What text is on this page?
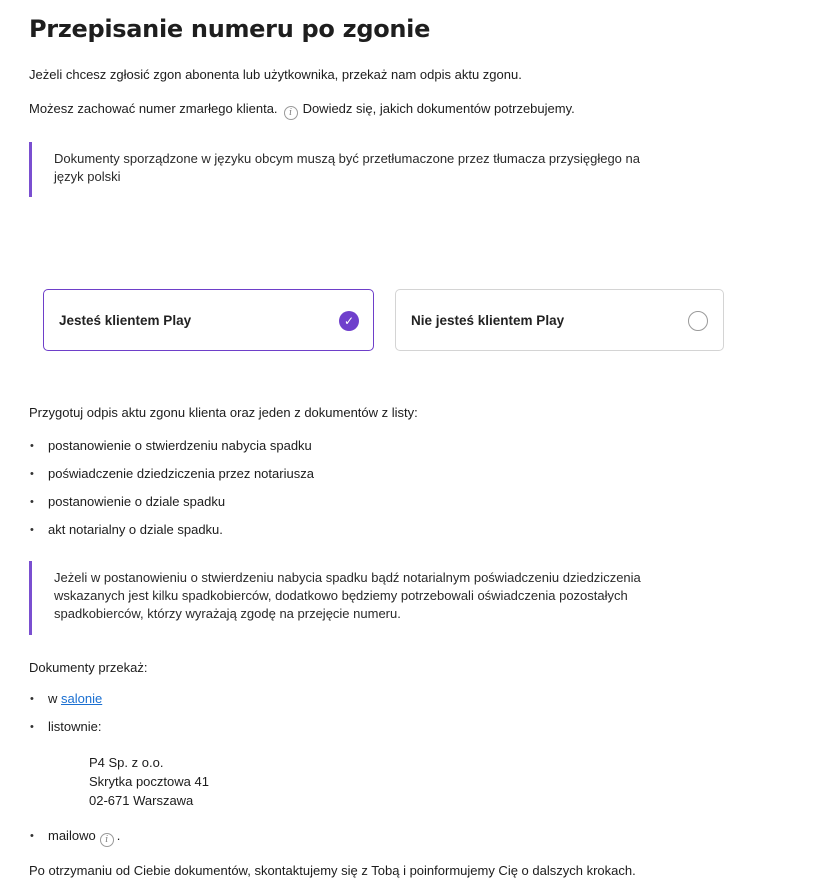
Przepisanie numeru po zgonie

Jeżeli chcesz zgłosić zgon abonenta lub użytkownika, przekaż nam odpis aktu zgonu.

Możesz zachować numer zmarłego klienta. i Dowiedz się, jakich dokumentów potrzebujemy.

Dokumenty sporządzone w języku obcym muszą być przetłumaczone przez tłumacza przysięgłego na
język polski
Jesteś klientem Play	✓	Nie jesteś klientem Play

Przygotuj odpis aktu zgonu klienta oraz jeden z dokumentów z listy:

• postanowienie o stwierdzeniu nabycia spadku
• poświadczenie dziedziczenia przez notariusza
• postanowienie o dziale spadku
• akt notarialny o dziale spadku.
Jeżeli w postanowieniu o stwierdzeniu nabycia spadku bądź notarialnym poświadczeniu dziedziczenia
wskazanych jest kilku spadkobierców, dodatkowo będziemy potrzebowali oświadczenia pozostałych
spadkobierców, którzy wyrażają zgodę na przejęcie numeru.

Dokumenty przekaż:

• w salonie
• listownie:
P4 Sp. z o.o.
Skrytka pocztowa 41
02-671 Warszawa
• mailowo i .

Po otrzymaniu od Ciebie dokumentów, skontaktujemy się z Tobą i poinformujemy Cię o dalszych krokach.
